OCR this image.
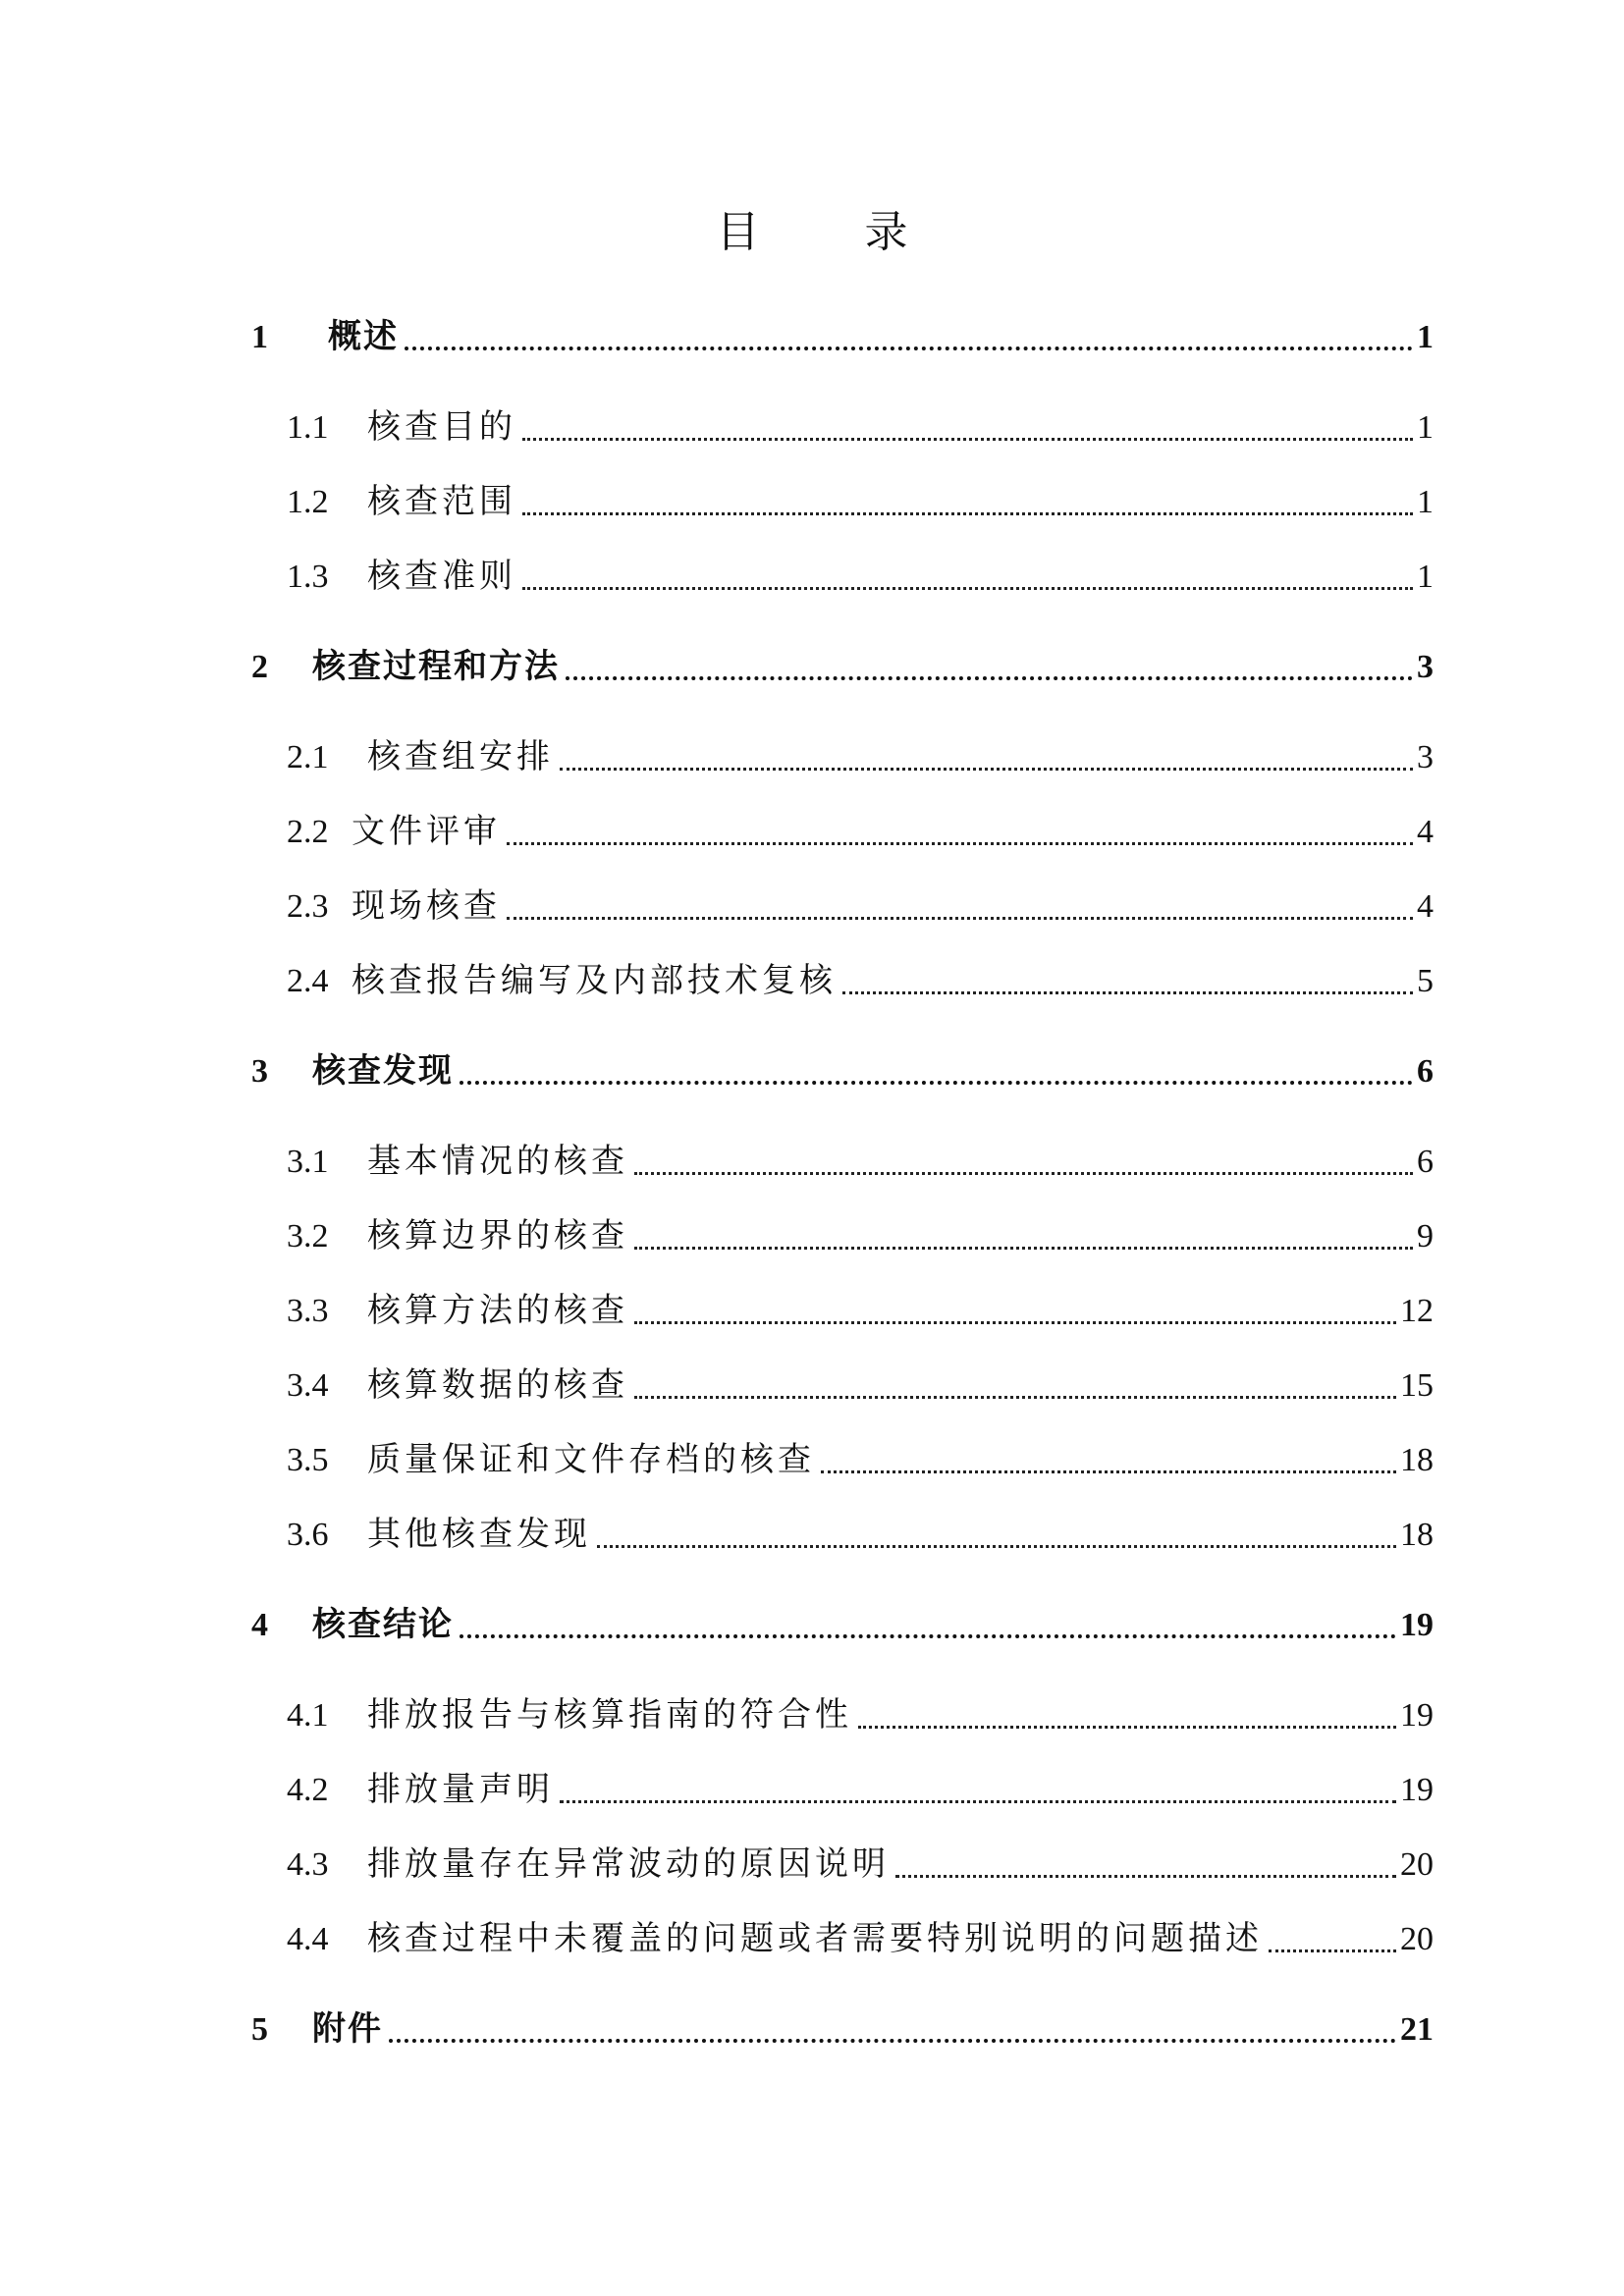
目 录
1	概述	1
1.1	核查目的	1
1.2	核查范围	1
1.3	核查准则	1
2	核查过程和方法	3
2.1	核查组安排	3
2.2 文件评审	4
2.3 现场核查	4
2.4 核查报告编写及内部技术复核	5
3	核查发现	6
3.1	基本情况的核查	6
3.2	核算边界的核查	9
3.3	核算方法的核查	12
3.4	核算数据的核查	15
3.5	质量保证和文件存档的核查	18
3.6	其他核查发现	18
4	核查结论	19
4.1	排放报告与核算指南的符合性	19
4.2	排放量声明	19
4.3	排放量存在异常波动的原因说明	20
4.4	核查过程中未覆盖的问题或者需要特别说明的问题描述	20
5	附件	21
